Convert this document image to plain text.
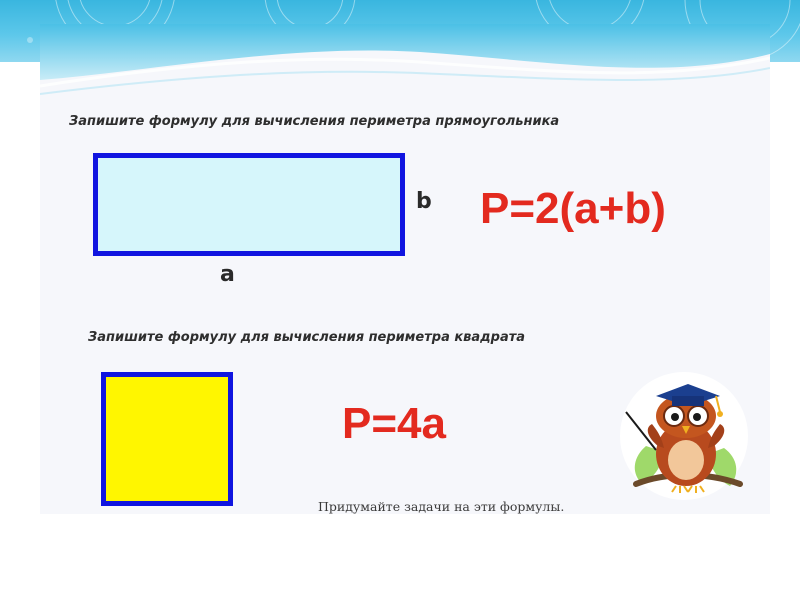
Запишите формулу для вычисления периметра прямоугольника
b
a
P=2(a+b)
Запишите формулу для вычисления периметра квадрата
P=4a
Придумайте задачи на эти формулы.
